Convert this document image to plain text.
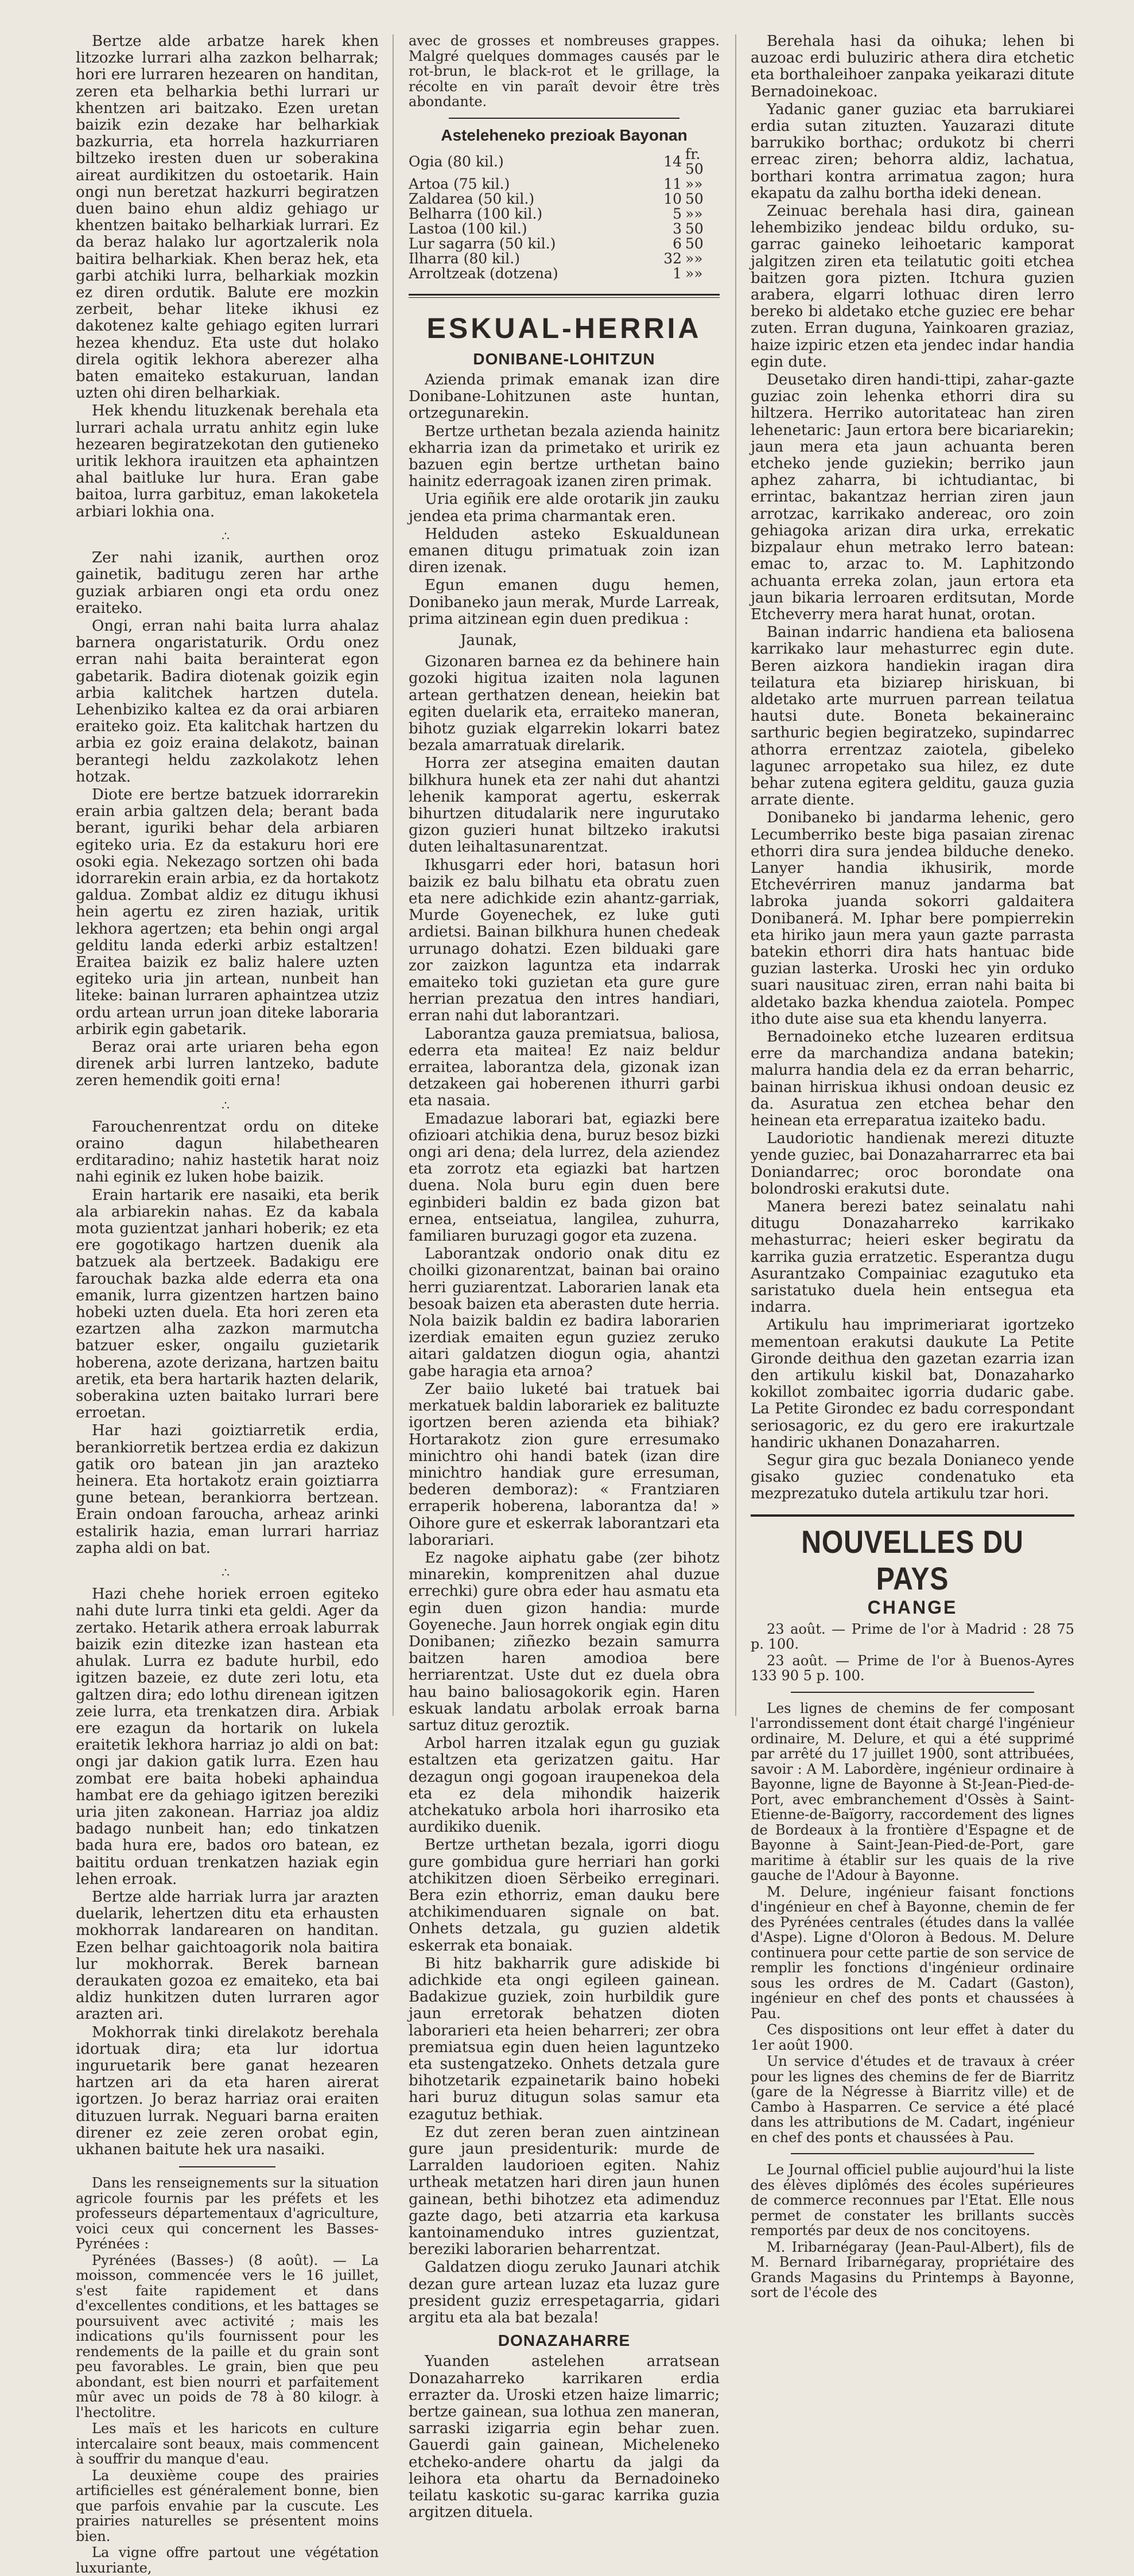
Bertze alde arbatze harek khen litzozke lurrari alha zazkon belharrak; hori ere lurraren hezearen on handitan, zeren eta belharkia bethi lurrari ur khentzen ari baitzako. Ezen uretan baizik ezin dezake har belharkiak bazkurria, eta horrela hazkurriaren biltzeko iresten duen ur soberakina aireat aurdikitzen du ostoetarik. Hain ongi nun beretzat hazkurri begiratzen duen baino ehun aldiz gehiago ur khentzen baitako belharkiak lurrari. Ez da beraz halako lur agortzalerik nola baitira belharkiak. Khen beraz hek, eta garbi atchiki lurra, belharkiak mozkin ez diren ordutik. Balute ere mozkin zerbeit, behar liteke ikhusi ez dakotenez kalte gehiago egiten lurrari hezea khenduz. Eta uste dut holako direla ogitik lekhora aberezer alha baten emaiteko estakuruan, landan uzten ohi diren belharkiak.

Hek khendu lituzkenak berehala eta lurrari achala urratu anhitz egin luke hezearen begiratzekotan den gutieneko uritik lekhora irauitzen eta aphaintzen ahal baitluke lur hura. Eran gabe baitoa, lurra garbituz, eman lakoketela arbiari lokhia ona.

∴

Zer nahi izanik, aurthen oroz gainetik, baditugu zeren har arthe guziak arbiaren ongi eta ordu onez eraiteko.

Ongi, erran nahi baita lurra ahalaz barnera ongaristaturik. Ordu onez erran nahi baita berainterat egon gabetarik. Badira diotenak goizik egin arbia kalitchek hartzen dutela. Lehenbiziko kaltea ez da orai arbiaren eraiteko goiz. Eta kalitchak hartzen du arbia ez goiz eraina delakotz, bainan berantegi heldu zazkolakotz lehen hotzak.

Diote ere bertze batzuek idorrarekin erain arbia galtzen dela; berant bada berant, iguriki behar dela arbiaren egiteko uria. Ez da estakuru hori ere osoki egia. Nekezago sortzen ohi bada idorrarekin erain arbia, ez da hortakotz galdua. Zombat aldiz ez ditugu ikhusi hein agertu ez ziren haziak, uritik lekhora agertzen; eta behin ongi argal gelditu landa ederki arbiz estaltzen! Eraitea baizik ez baliz halere uzten egiteko uria jin artean, nunbeit han liteke: bainan lurraren aphaintzea utziz ordu artean urrun joan diteke laboraria arbirik egin gabetarik.

Beraz orai arte uriaren beha egon direnek arbi lurren lantzeko, badute zeren hemendik goiti erna!

∴

Farouchenrentzat ordu on diteke oraino dagun hilabethearen erditaradino; nahiz hastetik harat noiz nahi eginik ez luken hobe baizik.

Erain hartarik ere nasaiki, eta berik ala arbiarekin nahas. Ez da kabala mota guzientzat janhari hoberik; ez eta ere gogotikago hartzen duenik ala batzuek ala bertzeek. Badakigu ere farouchak bazka alde ederra eta ona emanik, lurra gizentzen hartzen baino hobeki uzten duela. Eta hori zeren eta ezartzen alha zazkon marmutcha batzuer esker, ongailu guzietarik hoberena, azote derizana, hartzen baitu aretik, eta bera hartarik hazten delarik, soberakina uzten baitako lurrari bere erroetan.

Har hazi goiztiarretik erdia, berankiorretik bertzea erdia ez dakizun gatik oro batean jin jan arazteko heinera. Eta hortakotz erain goiztiarra gune betean, berankiorra bertzean. Erain ondoan faroucha, arheaz arinki estalirik hazia, eman lurrari harriaz zapha aldi on bat.

∴

Hazi chehe horiek erroen egiteko nahi dute lurra tinki eta geldi. Ager da zertako. Hetarik athera erroak laburrak baizik ezin ditezke izan hastean eta ahulak. Lurra ez badute hurbil, edo igitzen bazeie, ez dute zeri lotu, eta galtzen dira; edo lothu direnean igitzen zeie lurra, eta trenkatzen dira. Arbiak ere ezagun da hortarik on lukela eraitetik lekhora harriaz jo aldi on bat: ongi jar dakion gatik lurra. Ezen hau zombat ere baita hobeki aphaindua hambat ere da gehiago igitzen bereziki uria jiten zakonean. Harriaz joa aldiz badago nunbeit han; edo tinkatzen bada hura ere, bados oro batean, ez baititu orduan trenkatzen haziak egin lehen erroak.

Bertze alde harriak lurra jar arazten duelarik, lehertzen ditu eta erhausten mokhorrak landarearen on handitan. Ezen belhar gaichtoagorik nola baitira lur mokhorrak. Berek barnean deraukaten gozoa ez emaiteko, eta bai aldiz hunkitzen duten lurraren agor arazten ari.

Mokhorrak tinki direlakotz berehala idortuak dira; eta lur idortua inguruetarik bere ganat hezearen hartzen ari da eta haren airerat igortzen. Jo beraz harriaz orai eraiten dituzuen lurrak. Neguari barna eraiten direner ez zeie zeren orobat egin, ukhanen baitute hek ura nasaiki.

Dans les renseignements sur la situation agricole fournis par les préfets et les professeurs départementaux d'agriculture, voici ceux qui concernent les Basses-Pyrénées :

Pyrénées (Basses-) (8 août). — La moisson, commencée vers le 16 juillet, s'est faite rapidement et dans d'excellentes conditions, et les battages se poursuivent avec activité ; mais les indications qu'ils fournissent pour les rendements de la paille et du grain sont peu favorables. Le grain, bien que peu abondant, est bien nourri et parfaitement mûr avec un poids de 78 à 80 kilogr. à l'hectolitre.

Les maïs et les haricots en culture intercalaire sont beaux, mais commencent à souffrir du manque d'eau.

La deuxième coupe des prairies artificielles est généralement bonne, bien que parfois envahie par la cuscute. Les prairies naturelles se présentent moins bien.

La vigne offre partout une végétation luxuriante,

avec de grosses et nombreuses grappes. Malgré quelques dommages causés par le rot-brun, le black-rot et le grillage, la récolte en vin paraît devoir être très abondante.

Asteleheneko prezioak Bayonan
Ogia (80 kil.)	14	fr. 50
Artoa (75 kil.)	11	»»
Zaldarea (50 kil.)	10	50
Belharra (100 kil.)	5	»»
Lastoa (100 kil.)	3	50
Lur sagarra (50 kil.)	6	50
Ilharra (80 kil.)	32	»»
Arroltzeak (dotzena)	1	»»
ESKUAL-HERRIA
DONIBANE-LOHITZUN

Azienda primak emanak izan dire Donibane-Lohitzunen aste huntan, ortzegunarekin.

Bertze urthetan bezala azienda hainitz ekharria izan da primetako et uririk ez bazuen egin bertze urthetan baino hainitz ederragoak izanen ziren primak.

Uria egiñik ere alde orotarik jin zauku jendea eta prima charmantak eren.

Helduden asteko Eskualdunean emanen ditugu primatuak zoin izan diren izenak.

Egun emanen dugu hemen, Donibaneko jaun merak, Murde Larreak, prima aitzinean egin duen predikua :

Jaunak,

Gizonaren barnea ez da behinere hain gozoki higitua izaiten nola lagunen artean gerthatzen denean, heiekin bat egiten duelarik eta, erraiteko maneran, bihotz guziak elgarrekin lokarri batez bezala amarratuak direlarik.

Horra zer atsegina emaiten dautan bilkhura hunek eta zer nahi dut ahantzi lehenik kamporat agertu, eskerrak bihurtzen ditudalarik nere ingurutako gizon guzieri hunat biltzeko irakutsi duten leihaltasunarentzat.

Ikhusgarri eder hori, batasun hori baizik ez balu bilhatu eta obratu zuen eta nere adichkide ezin ahantz-garriak, Murde Goyenechek, ez luke guti ardietsi. Bainan bilkhura hunen chedeak urrunago dohatzi. Ezen bilduaki gare zor zaizkon laguntza eta indarrak emaiteko toki guzietan eta gure gure herrian prezatua den intres handiari, erran nahi dut laborantzari.

Laborantza gauza premiatsua, baliosa, ederra eta maitea! Ez naiz beldur erraitea, laborantza dela, gizonak izan detzakeen gai hoberenen ithurri garbi eta nasaia.

Emadazue laborari bat, egiazki bere ofizioari atchikia dena, buruz besoz bizki ongi ari dena; dela lurrez, dela aziendez eta zorrotz eta egiazki bat hartzen duena. Nola buru egin duen bere eginbideri baldin ez bada gizon bat ernea, entseiatua, langilea, zuhurra, familiaren buruzagi gogor eta zuzena.

Laborantzak ondorio onak ditu ez choilki gizonarentzat, bainan bai oraino herri guziarentzat. Laborarien lanak eta besoak baizen eta aberasten dute herria. Nola baizik baldin ez badira laborarien izerdiak emaiten egun guziez zeruko aitari galdatzen diogun ogia, ahantzi gabe haragia eta arnoa?

Zer baiio luketé bai tratuek bai merkatuek baldin laborariek ez balituzte igortzen beren azienda eta bihiak? Hortarakotz zion gure erresumako minichtro ohi handi batek (izan dire minichtro handiak gure erresuman, bederen demboraz): « Frantziaren erraperik hoberena, laborantza da! » Oihore gure et eskerrak laborantzari eta laborariari.

Ez nagoke aiphatu gabe (zer bihotz minarekin, komprenitzen ahal duzue errechki) gure obra eder hau asmatu eta egin duen gizon handia: murde Goyeneche. Jaun horrek ongiak egin ditu Donibanen; ziñezko bezain samurra baitzen haren amodioa bere herriarentzat. Uste dut ez duela obra hau baino baliosagokorik egin. Haren eskuak landatu arbolak erroak barna sartuz dituz geroztik.

Arbol harren itzalak egun gu guziak estaltzen eta gerizatzen gaitu. Har dezagun ongi gogoan iraupenekoa dela eta ez dela mihondik haizerik atchekatuko arbola hori iharrosiko eta aurdikiko duenik.

Bertze urthetan bezala, igorri diogu gure gombidua gure herriari han gorki atchikitzen dioen Sërbeiko erreginari. Bera ezin ethorriz, eman dauku bere atchikimenduaren signale on bat. Onhets detzala, gu guzien aldetik eskerrak eta bonaiak.

Bi hitz bakharrik gure adiskide bi adichkide eta ongi egileen gainean. Badakizue guziek, zoin hurbildik gure jaun erretorak behatzen dioten laborarieri eta heien beharreri; zer obra premiatsua egin duen heien laguntzeko eta sustengatzeko. Onhets detzala gure bihotzetarik ezpainetarik baino hobeki hari buruz ditugun solas samur eta ezagutuz bethiak.

Ez dut zeren beran zuen aintzinean gure jaun presidenturik: murde de Larralden laudorioen egiten. Nahiz urtheak metatzen hari diren jaun hunen gainean, bethi bihotzez eta adimenduz gazte dago, beti atzarria eta karkusa kantoinamenduko intres guzientzat, bereziki laborarien beharrentzat.

Galdatzen diogu zeruko Jaunari atchik dezan gure artean luzaz eta luzaz gure president guziz errespetagarria, gidari argitu eta ala bat bezala!

DONAZAHARRE

Yuanden astelehen arratsean Donazaharreko karrikaren erdia errazter da. Uroski etzen haize limarric; bertze gainean, sua lothua zen maneran, sarraski izigarria egin behar zuen. Gauerdi gain gainean, Micheleneko etcheko-andere ohartu da jalgi da leihora eta ohartu da Bernadoineko teilatu kaskotic su-garac karrika guzia argitzen dituela.

Berehala hasi da oihuka; lehen bi auzoac erdi buluziric athera dira etchetic eta borthaleihoer zanpaka yeikarazi ditute Bernadoinekoac.

Yadanic ganer guziac eta barrukiarei erdia sutan zituzten. Yauzarazi ditute barrukiko borthac; ordukotz bi cherri erreac ziren; behorra aldiz, lachatua, borthari kontra arrimatua zagon; hura ekapatu da zalhu bortha ideki denean.

Zeinuac berehala hasi dira, gainean lehembiziko jendeac bildu orduko, su-garrac gaineko leihoetaric kamporat jalgitzen ziren eta teilatutic goiti etchea baitzen gora pizten. Itchura guzien arabera, elgarri lothuac diren lerro bereko bi aldetako etche guziec ere behar zuten. Erran duguna, Yainkoaren graziaz, haize izpiric etzen eta jendec indar handia egin dute.

Deusetako diren handi-ttipi, zahar-gazte guziac zoin lehenka ethorri dira su hiltzera. Herriko autoritateac han ziren lehenetaric: Jaun ertora bere bicariarekin; jaun mera eta jaun achuanta beren etcheko jende guziekin; berriko jaun aphez zaharra, bi ichtudiantac, bi errintac, bakantzaz herrian ziren jaun arrotzac, karrikako andereac, oro zoin gehiagoka arizan dira urka, errekatic bizpalaur ehun metrako lerro batean: emac to, arzac to. M. Laphitzondo achuanta erreka zolan, jaun ertora eta jaun bikaria lerroaren erditsutan, Morde Etcheverry mera harat hunat, orotan.

Bainan indarric handiena eta baliosena karrikako laur mehasturrec egin dute. Beren aizkora handiekin iragan dira teilatura eta biziarep hiriskuan, bi aldetako arte murruen parrean teilatua hautsi dute. Boneta bekainerainc sarthuric begien begiratzeko, supindarrec athorra errentzaz zaiotela, gibeleko lagunec arropetako sua hilez, ez dute behar zutena egitera gelditu, gauza guzia arrate diente.

Donibaneko bi jandarma lehenic, gero Lecumberriko beste biga pasaian zirenac ethorri dira sura jendea bilduche deneko. Lanyer handia ikhusirik, morde Etchevérriren manuz jandarma bat labroka juanda sokorri galdaitera Donibanerá. M. Iphar bere pompierrekin eta hiriko jaun mera yaun gazte parrasta batekin ethorri dira hats hantuac bide guzian lasterka. Uroski hec yin orduko suari nausituac ziren, erran nahi baita bi aldetako bazka khendua zaiotela. Pompec itho dute aise sua eta khendu lanyerra.

Bernadoineko etche luzearen erditsua erre da marchandiza andana batekin; malurra handia dela ez da erran beharric, bainan hirriskua ikhusi ondoan deusic ez da. Asuratua zen etchea behar den heinean eta erreparatua izaiteko badu.

Laudoriotic handienak merezi dituzte yende guziec, bai Donazaharrarrec eta bai Doniandarrec; oroc borondate ona bolondroski erakutsi dute.

Manera berezi batez seinalatu nahi ditugu Donazaharreko karrikako mehasturrac; heieri esker begiratu da karrika guzia erratzetic. Esperantza dugu Asurantzako Compainiac ezagutuko eta saristatuko duela hein entsegua eta indarra.

Artikulu hau imprimeriarat igortzeko mementoan erakutsi daukute La Petite Gironde deithua den gazetan ezarria izan den artikulu kiskil bat, Donazaharko kokillot zombaitec igorria dudaric gabe. La Petite Girondec ez badu correspondant seriosagoric, ez du gero ere irakurtzale handiric ukhanen Donazaharren.

Segur gira guc bezala Donianeco yende gisako guziec condenatuko eta mezprezatuko dutela artikulu tzar hori.

NOUVELLES DU PAYS
CHANGE

23 août. — Prime de l'or à Madrid : 28 75 p. 100.

23 août. — Prime de l'or à Buenos-Ayres 133 90 5 p. 100.

Les lignes de chemins de fer composant l'arrondissement dont était chargé l'ingénieur ordinaire, M. Delure, et qui a été supprimé par arrêté du 17 juillet 1900, sont attribuées, savoir : A M. Labordère, ingénieur ordinaire à Bayonne, ligne de Bayonne à St-Jean-Pied-de-Port, avec embranchement d'Ossès à Saint-Etienne-de-Baïgorry, raccordement des lignes de Bordeaux à la frontière d'Espagne et de Bayonne à Saint-Jean-Pied-de-Port, gare maritime à établir sur les quais de la rive gauche de l'Adour à Bayonne.

M. Delure, ingénieur faisant fonctions d'ingénieur en chef à Bayonne, chemin de fer des Pyrénées centrales (études dans la vallée d'Aspe). Ligne d'Oloron à Bedous. M. Delure continuera pour cette partie de son service de remplir les fonctions d'ingénieur ordinaire sous les ordres de M. Cadart (Gaston), ingénieur en chef des ponts et chaussées à Pau.

Ces dispositions ont leur effet à dater du 1er août 1900.

Un service d'études et de travaux à créer pour les lignes des chemins de fer de Biarritz (gare de la Négresse à Biarritz ville) et de Cambo à Hasparren. Ce service a été placé dans les attributions de M. Cadart, ingénieur en chef des ponts et chaussées à Pau.

Le Journal officiel publie aujourd'hui la liste des élèves diplômés des écoles supérieures de commerce reconnues par l'Etat. Elle nous permet de constater les brillants succès remportés par deux de nos concitoyens.

M. Iribarnégaray (Jean-Paul-Albert), fils de M. Bernard Iribarnégaray, propriétaire des Grands Magasins du Printemps à Bayonne, sort de l'école des
